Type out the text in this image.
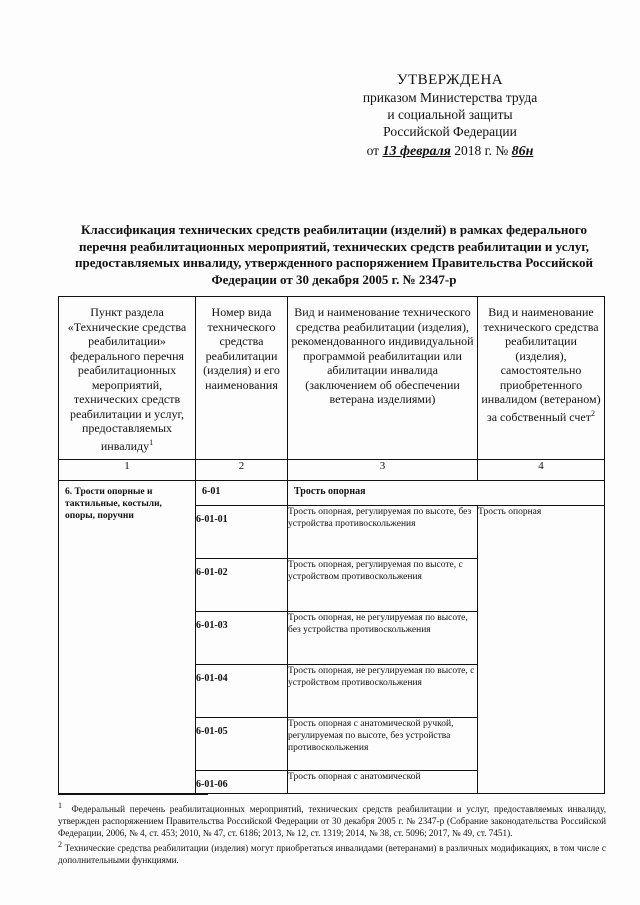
УТВЕРЖДЕНА
приказом Министерства труда
и социальной защиты
Российской Федерации
от 13 февраля 2018 г. № 86н
Классификация технических средств реабилитации (изделий) в рамках федерального перечня реабилитационных мероприятий, технических средств реабилитации и услуг, предоставляемых инвалиду, утвержденного распоряжением Правительства Российской Федерации от 30 декабря 2005 г. № 2347-р
Пункт раздела «Технические средства реабилитации» федерального перечня реабилитационных мероприятий, технических средств реабилитации и услуг, предоставляемых инвалиду$^1$	Номер вида технического средства реабилитации (изделия) и его наименования	Вид и наименование технического средства реабилитации (изделия), рекомендованного индивидуальной программой реабилитации или абилитации инвалида (заключением об обеспечении ветерана изделиями)	Вид и наименование технического средства реабилитации (изделия), самостоятельно приобретенного инвалидом (ветераном) за собственный счет$^2$
1	2	3	4
6. Трости опорные и тактильные, костыли, опоры, поручни	6-01	Трость опорная	
	6-01-01	Трость опорная, регулируемая по высоте, без устройства противоскольжения	Трость опорная
	6-01-02	Трость опорная, регулируемая по высоте, с устройством противоскольжения	
	6-01-03	Трость опорная, не регулируемая по высоте, без устройства противоскольжения	
	6-01-04	Трость опорная, не регулируемая по высоте, с устройством противоскольжения	
	6-01-05	Трость опорная с анатомической ручкой, регулируемая по высоте, без устройства противоскольжения	
	6-01-06	Трость опорная с анатомической	

$^1$ Федеральный перечень реабилитационных мероприятий, технических средств реабилитации и услуг, предоставляемых инвалиду, утвержден распоряжением Правительства Российской Федерации от 30 декабря 2005 г. № 2347-р (Собрание законодательства Российской Федерации, 2006, № 4, ст. 453; 2010, № 47, ст. 6186; 2013, № 12, ст. 1319; 2014, № 38, ст. 5096; 2017, № 49, ст. 7451).

$^2$ Технические средства реабилитации (изделия) могут приобретаться инвалидами (ветеранами) в различных модификациях, в том числе с дополнительными функциями.
